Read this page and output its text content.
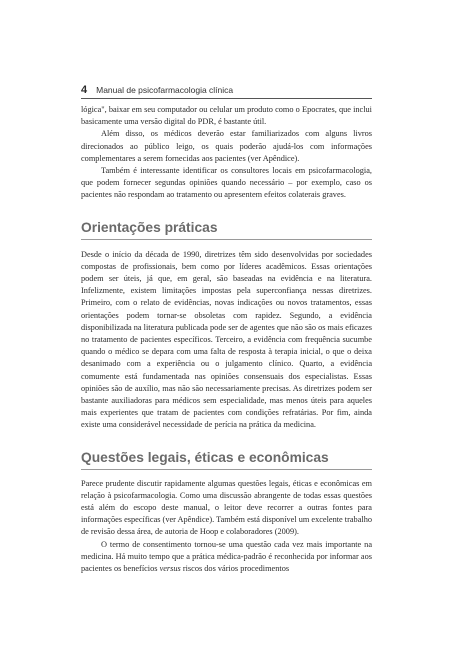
4 Manual de psicofarmacologia clínica

lógica", baixar em seu computador ou celular um produto como o Epocrates, que inclui basicamente uma versão digital do PDR, é bastante útil.

Além disso, os médicos deverão estar familiarizados com alguns livros direcionados ao público leigo, os quais poderão ajudá-los com informações complementares a serem fornecidas aos pacientes (ver Apêndice).

Também é interessante identificar os consultores locais em psicofarmacologia, que podem fornecer segundas opiniões quando necessário – por exemplo, caso os pacientes não respondam ao tratamento ou apresentem efeitos colaterais graves.

Orientações práticas

Desde o início da década de 1990, diretrizes têm sido desenvolvidas por sociedades compostas de profissionais, bem como por líderes acadêmicos. Essas orientações podem ser úteis, já que, em geral, são baseadas na evidência e na literatura. Infelizmente, existem limitações impostas pela superconfiança nessas diretrizes. Primeiro, com o relato de evidências, novas indicações ou novos tratamentos, essas orientações podem tornar-se obsoletas com rapidez. Segundo, a evidência disponibilizada na literatura publicada pode ser de agentes que não são os mais eficazes no tratamento de pacientes específicos. Terceiro, a evidência com frequência sucumbe quando o médico se depara com uma falta de resposta à terapia inicial, o que o deixa desanimado com a experiência ou o julgamento clínico. Quarto, a evidência comumente está fundamentada nas opiniões consensuais dos especialistas. Essas opiniões são de auxílio, mas não são necessariamente precisas. As diretrizes podem ser bastante auxiliadoras para médicos sem especialidade, mas menos úteis para aqueles mais experientes que tratam de pacientes com condições refratárias. Por fim, ainda existe uma considerável necessidade de perícia na prática da medicina.

Questões legais, éticas e econômicas

Parece prudente discutir rapidamente algumas questões legais, éticas e econômicas em relação à psicofarmacologia. Como uma discussão abrangente de todas essas questões está além do escopo deste manual, o leitor deve recorrer a outras fontes para informações específicas (ver Apêndice). Também está disponível um excelente trabalho de revisão dessa área, de autoria de Hoop e colaboradores (2009).

O termo de consentimento tornou-se uma questão cada vez mais importante na medicina. Há muito tempo que a prática médica-padrão é reconhecida por informar aos pacientes os benefícios versus riscos dos vários procedimentos
